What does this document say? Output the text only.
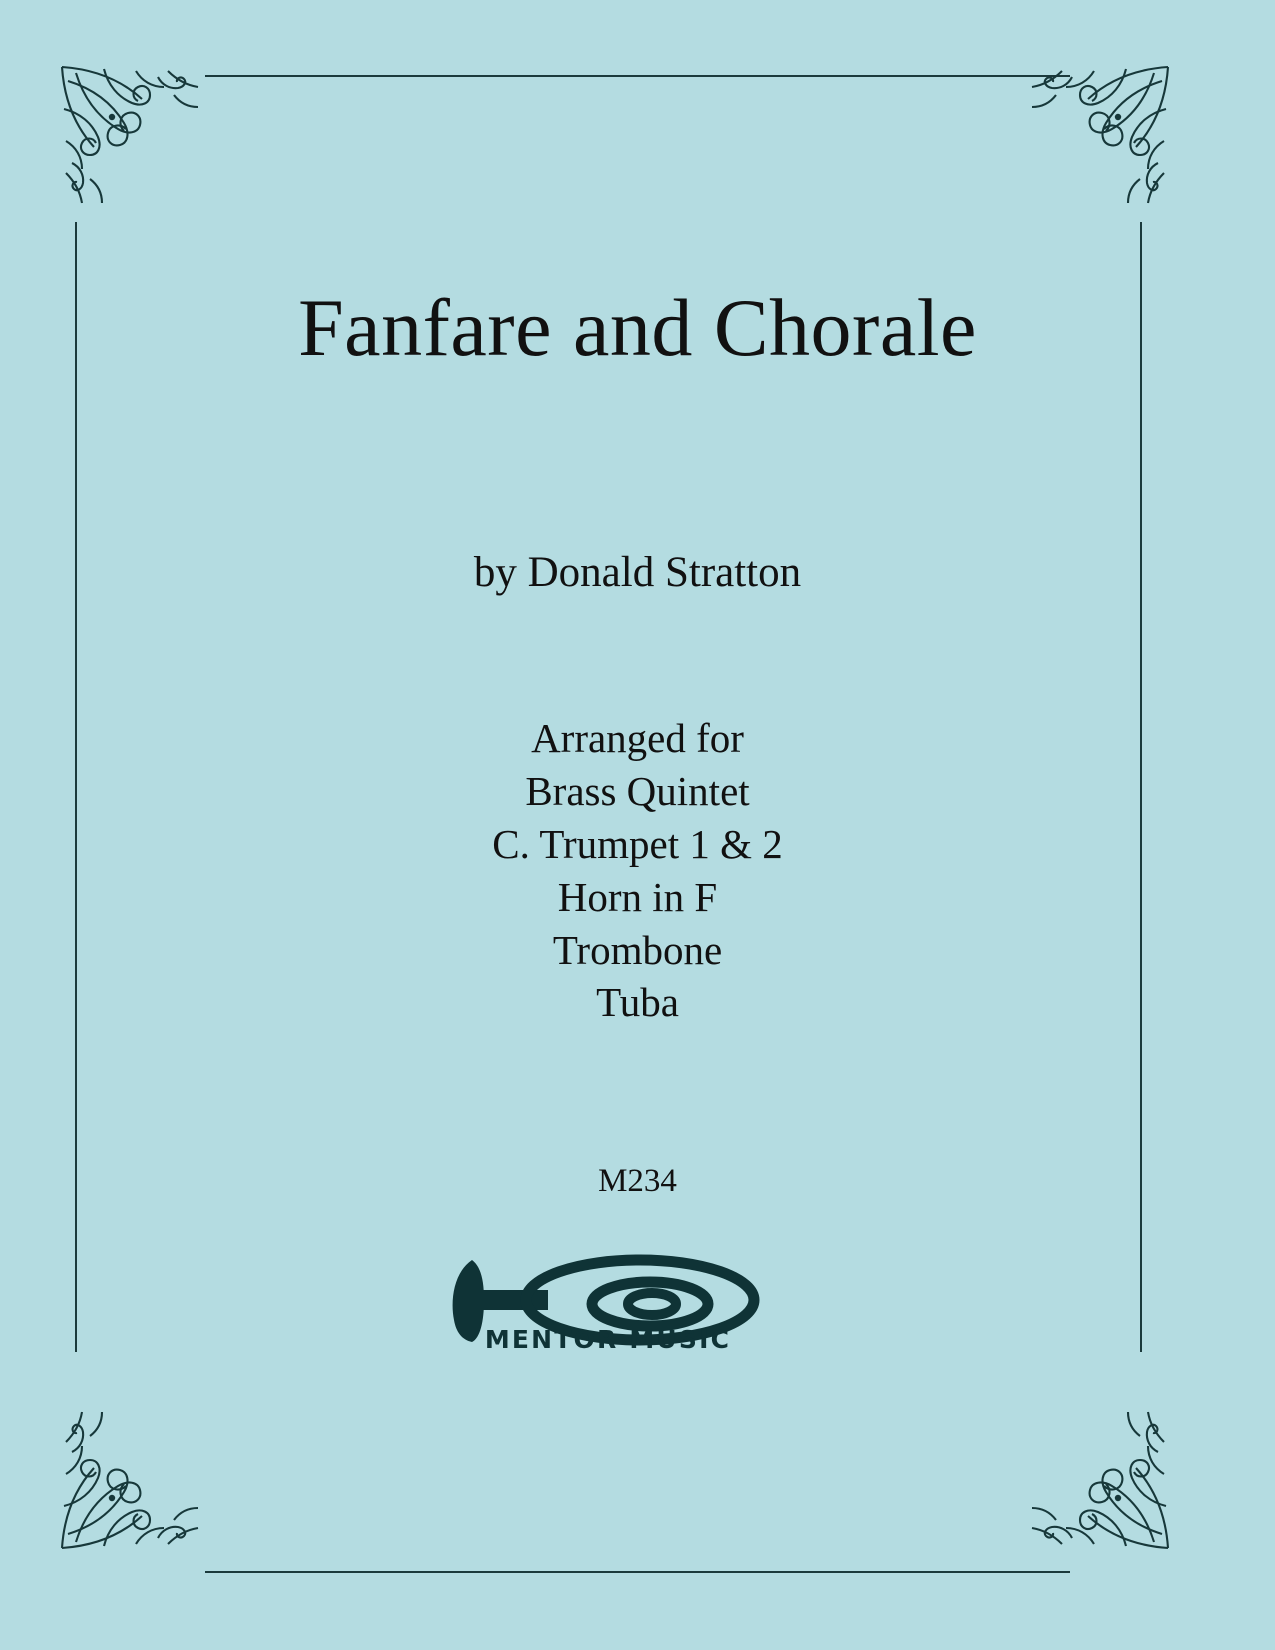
Fanfare and Chorale
by Donald Stratton
Arranged for
Brass Quintet
C. Trumpet 1 & 2
Horn in F
Trombone
Tuba
M234
MENTOR MUSIC
